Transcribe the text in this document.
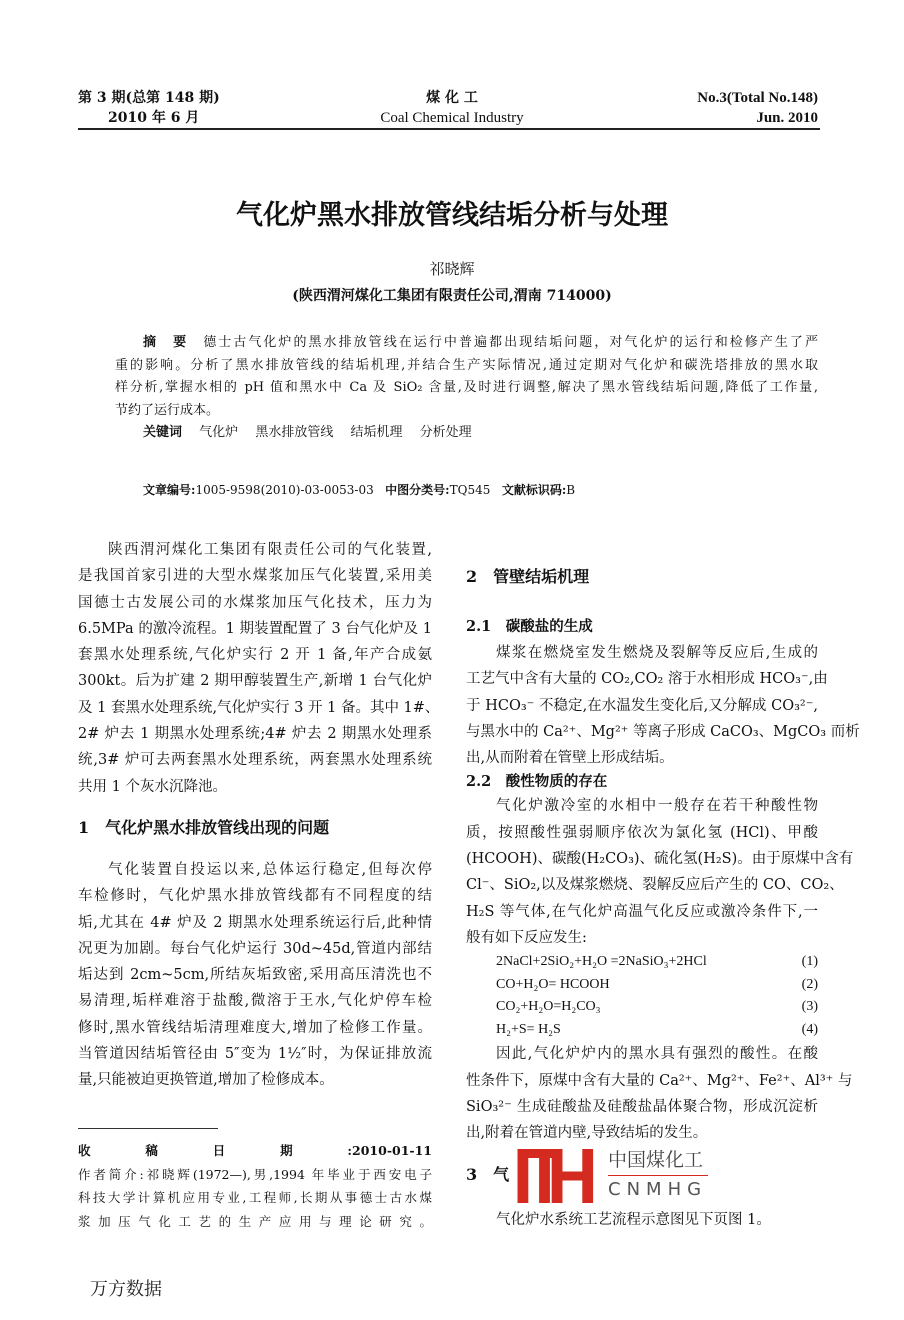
第 3 期(总第 148 期)
2010 年 6 月
煤 化 工
Coal Chemical Industry
No.3(Total No.148)
Jun. 2010
气化炉黑水排放管线结垢分析与处理
祁晓辉
(陕西渭河煤化工集团有限责任公司,渭南 714000)
摘　要　 德士古气化炉的黑水排放管线在运行中普遍都出现结垢问题，对气化炉的运行和检修产生了严
重的影响。分析了黑水排放管线的结垢机理,并结合生产实际情况,通过定期对气化炉和碳洗塔排放的黑水取
样分析,掌握水相的 pH 值和黑水中 Ca 及 SiO₂ 含量,及时进行调整,解决了黑水管线结垢问题,降低了工作量,
节约了运行成本。
关键词　 气化炉　 黑水排放管线　 结垢机理　 分析处理
文章编号:1005-9598(2010)-03-0053-03 中图分类号:TQ545 文献标识码:B
陕西渭河煤化工集团有限责任公司的气化装置,
是我国首家引进的大型水煤浆加压气化装置,采用美
国德士古发展公司的水煤浆加压气化技术，压力为
6.5MPa 的激冷流程。1 期装置配置了 3 台气化炉及 1
套黑水处理系统,气化炉实行 2 开 1 备,年产合成氨
300kt。后为扩建 2 期甲醇装置生产,新增 1 台气化炉
及 1 套黑水处理系统,气化炉实行 3 开 1 备。其中 1#、
2# 炉去 1 期黑水处理系统;4# 炉去 2 期黑水处理系
统,3# 炉可去两套黑水处理系统，两套黑水处理系统
共用 1 个灰水沉降池。
1　气化炉黑水排放管线出现的问题
气化装置自投运以来,总体运行稳定,但每次停
车检修时，气化炉黑水排放管线都有不同程度的结
垢,尤其在 4# 炉及 2 期黑水处理系统运行后,此种情
况更为加剧。每台气化炉运行 30d~45d,管道内部结
垢达到 2cm~5cm,所结灰垢致密,采用高压清洗也不
易清理,垢样难溶于盐酸,微溶于王水,气化炉停车检
修时,黑水管线结垢清理难度大,增加了检修工作量。
当管道因结垢管径由 5″变为 1½″时，为保证排放流
量,只能被迫更换管道,增加了检修成本。
收稿日期:2010-01-11
作者简介:祁晓辉(1972—),男,1994 年毕业于西安电子
科技大学计算机应用专业,工程师,长期从事德士古水煤
浆加压气化工艺的生产应用与理论研究。
万方数据
2　管壁结垢机理
2.1　碳酸盐的生成
煤浆在燃烧室发生燃烧及裂解等反应后,生成的
工艺气中含有大量的 CO₂,CO₂ 溶于水相形成 HCO₃⁻,由
于 HCO₃⁻ 不稳定,在水温发生变化后,又分解成 CO₃²⁻,
与黑水中的 Ca²⁺、Mg²⁺ 等离子形成 CaCO₃、MgCO₃ 而析
出,从而附着在管壁上形成结垢。
2.2　酸性物质的存在
气化炉激冷室的水相中一般存在若干种酸性物
质，按照酸性强弱顺序依次为氯化氢 (HCl)、甲酸
(HCOOH)、碳酸(H₂CO₃)、硫化氢(H₂S)。由于原煤中含有
Cl⁻、SiO₂,以及煤浆燃烧、裂解反应后产生的 CO、CO₂、
H₂S 等气体,在气化炉高温气化反应或激冷条件下,一
般有如下反应发生:
2NaCl+2SiO₂+H₂O =2NaSiO₃+2HCl	(1)
CO+H₂O= HCOOH	(2)
CO₂+H₂O=H₂CO₃	(3)
H₂+S= H₂S	(4)
因此,气化炉炉内的黑水具有强烈的酸性。在酸
性条件下，原煤中含有大量的 Ca²⁺、Mg²⁺、Fe²⁺、Al³⁺ 与
SiO₃²⁻ 生成硅酸盐及硅酸盐晶体聚合物，形成沉淀析
出,附着在管道内壁,导致结垢的发生。
3　气
气化炉水系统工艺流程示意图见下页图 1。
中国煤化工
CNMHG
